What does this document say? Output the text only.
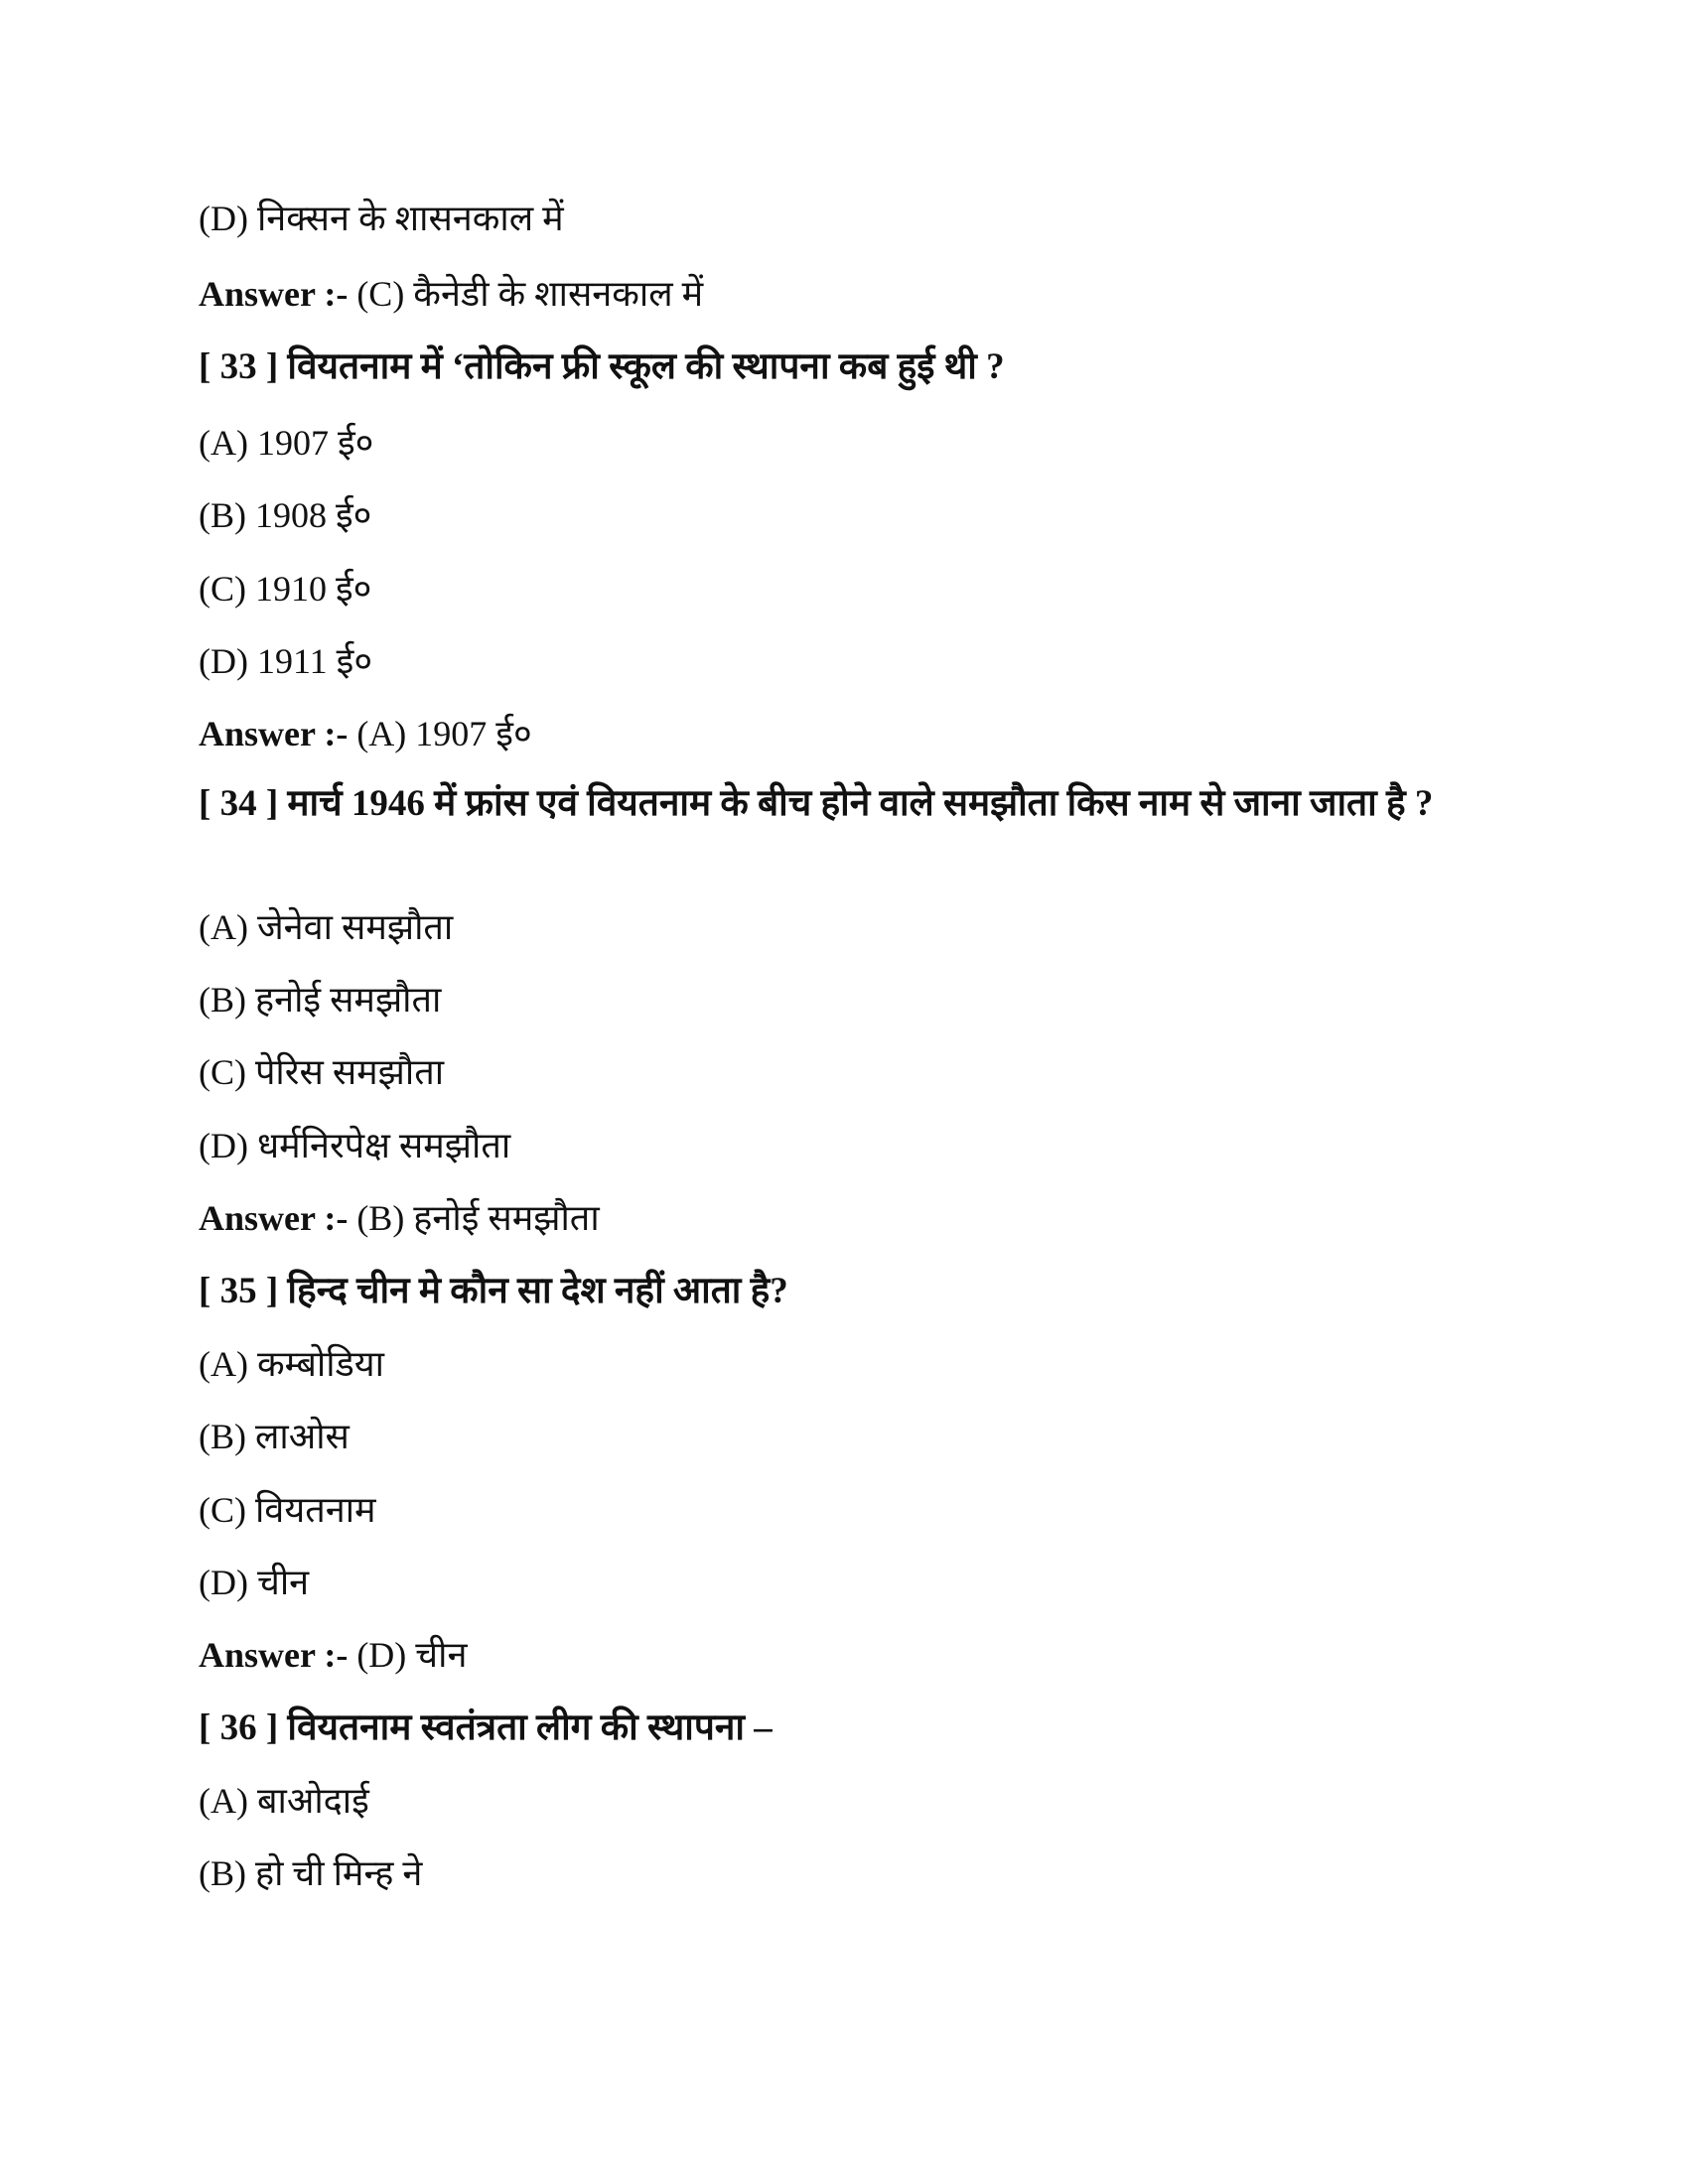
(D) निक्सन के शासनकाल में
Answer :- (C) कैनेडी के शासनकाल में
[ 33 ] वियतनाम में ‘तोकिन फ्री स्कूल की स्थापना कब हुई थी ?
(A) 1907 ई०
(B) 1908 ई०
(C) 1910 ई०
(D) 1911 ई०
Answer :- (A) 1907 ई०
[ 34 ] मार्च 1946 में फ्रांस एवं वियतनाम के बीच होने वाले समझौता किस नाम से जाना जाता है ?
(A) जेनेवा समझौता
(B) हनोई समझौता
(C) पेरिस समझौता
(D) धर्मनिरपेक्ष समझौता
Answer :- (B) हनोई समझौता
[ 35 ] हिन्द चीन मे कौन सा देश नहीं आता है?
(A) कम्बोडिया
(B) लाओस
(C) वियतनाम
(D) चीन
Answer :- (D) चीन
[ 36 ] वियतनाम स्वतंत्रता लीग की स्थापना –
(A) बाओदाई
(B) हो ची मिन्ह ने
